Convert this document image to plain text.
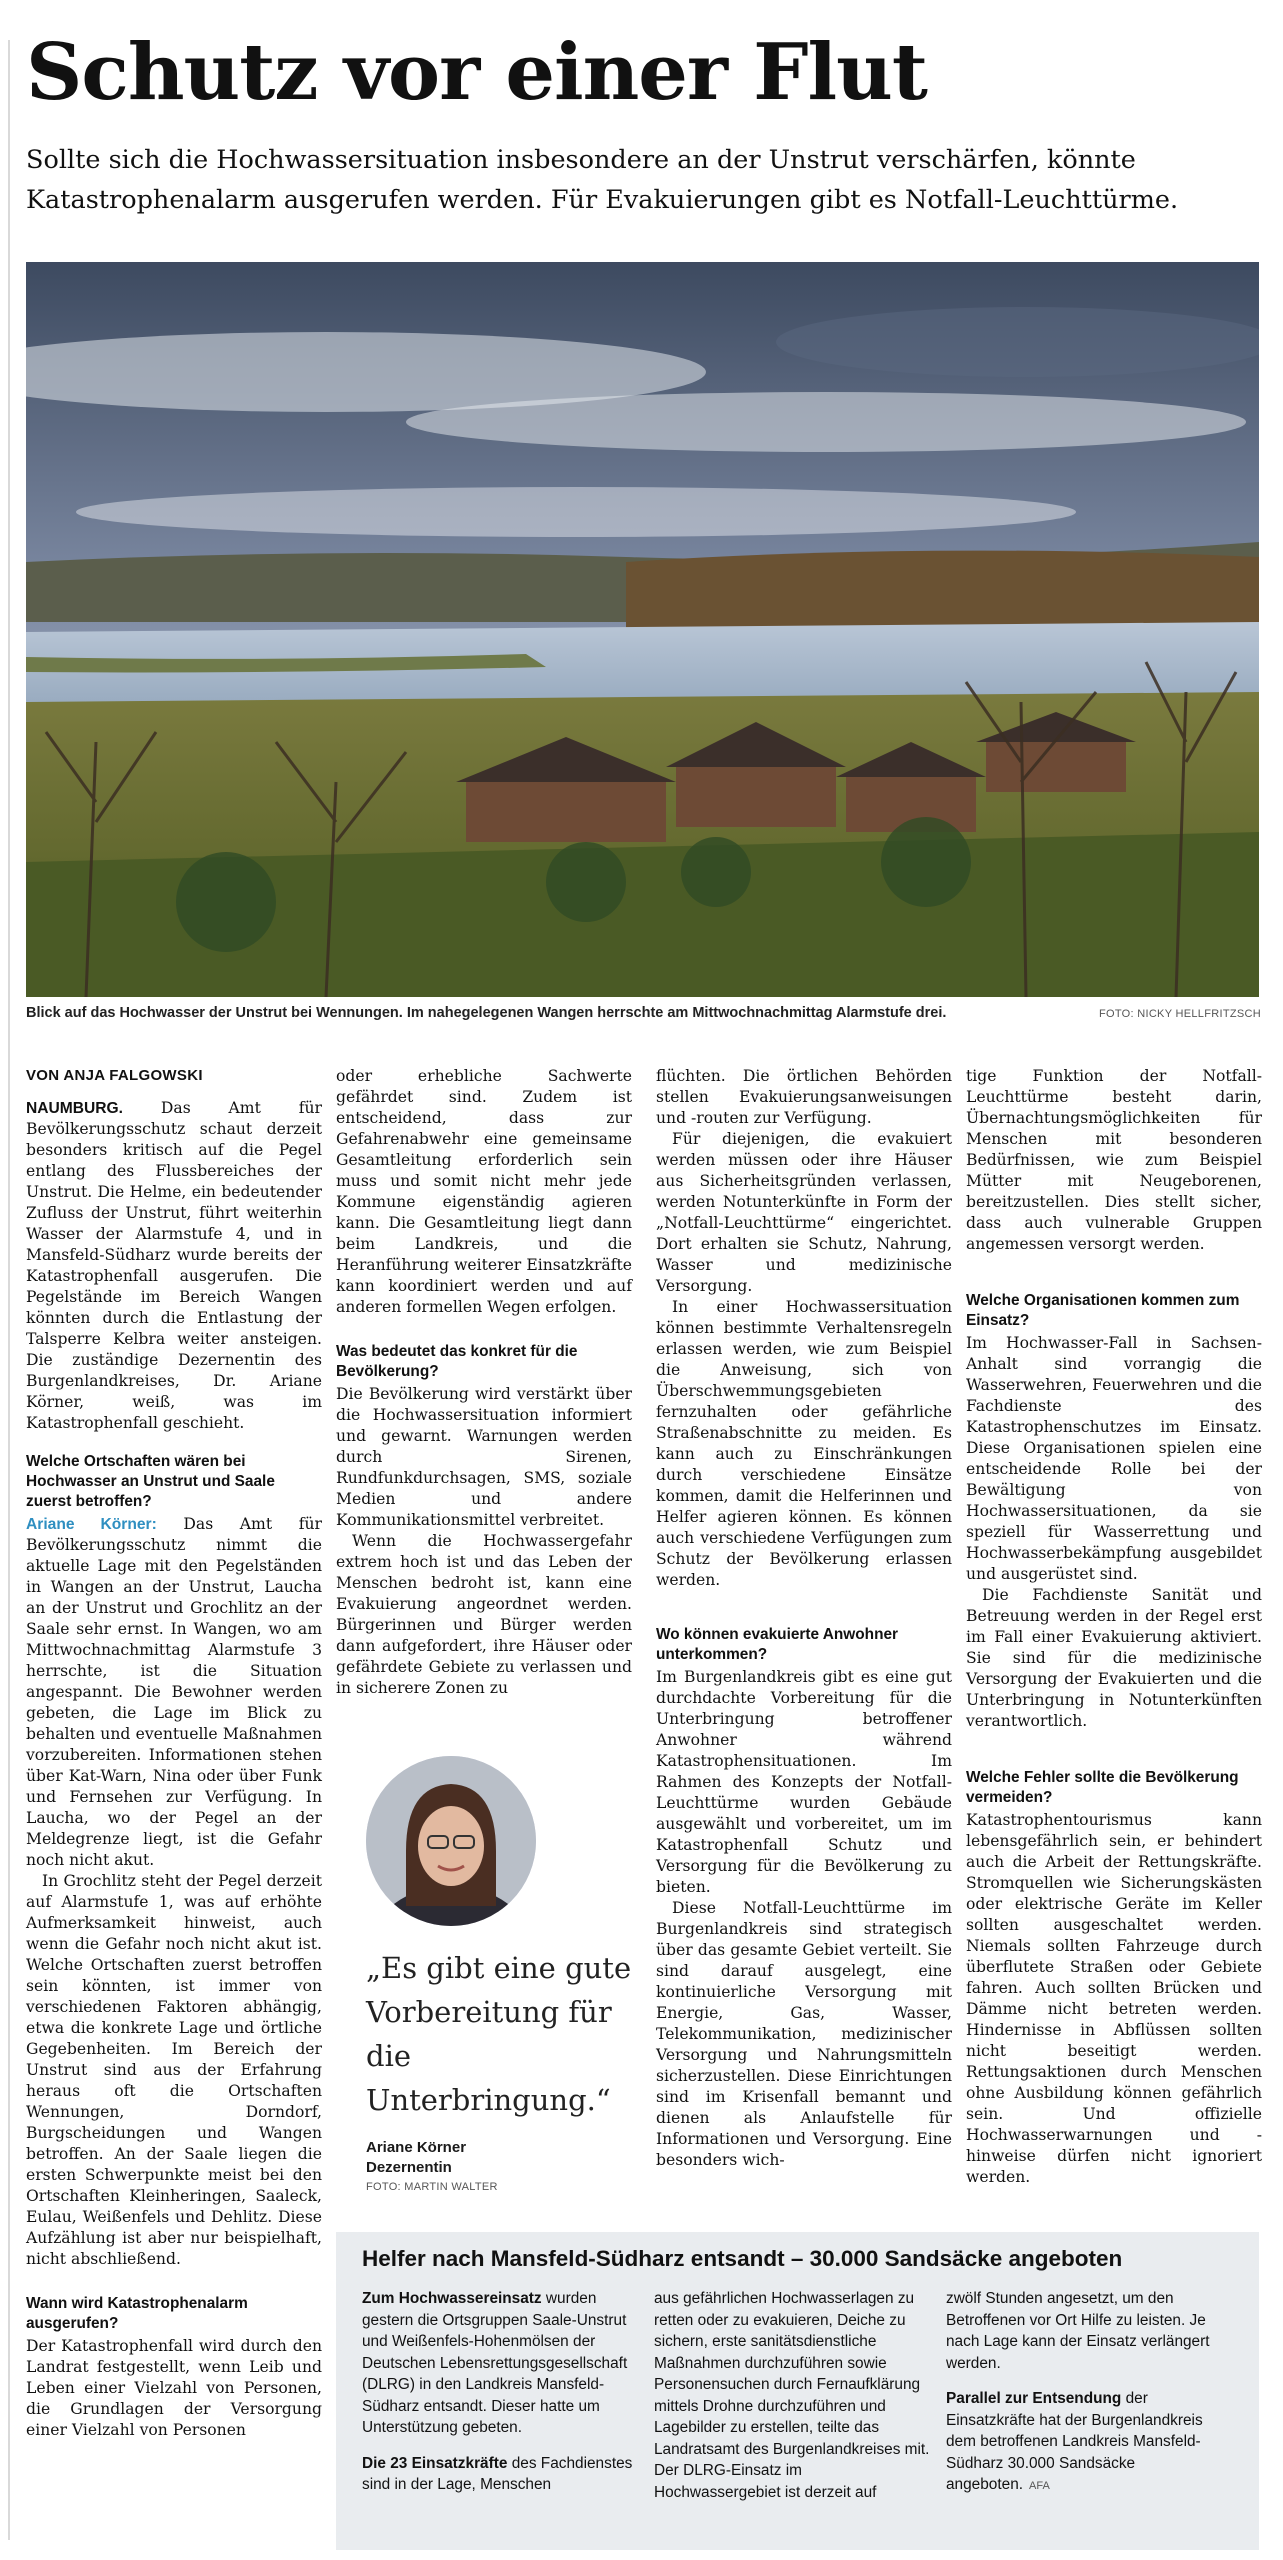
Schutz vor einer Flut

Sollte sich die Hochwassersituation insbesondere an der Unstrut verschärfen, könnte Katastrophenalarm ausgerufen werden. Für Evakuierungen gibt es Notfall-Leuchttürme.

Blick auf das Hochwasser der Unstrut bei Wennungen. Im nahegelegenen Wangen herrschte am Mittwochnachmittag Alarmstufe drei.	FOTO: NICKY HELLFRITZSCH
VON ANJA FALGOWSKI

NAUMBURG. Das Amt für Bevölkerungsschutz schaut derzeit besonders kritisch auf die Pegel entlang des Flussbereiches der Unstrut. Die Helme, ein bedeutender Zufluss der Unstrut, führt weiterhin Wasser der Alarmstufe 4, und in Mansfeld-Südharz wurde bereits der Katastrophenfall ausgerufen. Die Pegelstände im Bereich Wangen könnten durch die Entlastung der Talsperre Kelbra weiter ansteigen. Die zuständige Dezernentin des Burgenlandkreises, Dr. Ariane Körner, weiß, was im Katastrophenfall geschieht.

Welche Ortschaften wären bei Hochwasser an Unstrut und Saale zuerst betroffen?

Ariane Körner: Das Amt für Bevölkerungsschutz nimmt die aktuelle Lage mit den Pegelständen in Wangen an der Unstrut, Laucha an der Unstrut und Grochlitz an der Saale sehr ernst. In Wangen, wo am Mittwochnachmittag Alarmstufe 3 herrschte, ist die Situation angespannt. Die Bewohner werden gebeten, die Lage im Blick zu behalten und eventuelle Maßnahmen vorzubereiten. Informationen stehen über Kat-Warn, Nina oder über Funk und Fernsehen zur Verfügung. In Laucha, wo der Pegel an der Meldegrenze liegt, ist die Gefahr noch nicht akut.

In Grochlitz steht der Pegel derzeit auf Alarmstufe 1, was auf erhöhte Aufmerksamkeit hinweist, auch wenn die Gefahr noch nicht akut ist. Welche Ortschaften zuerst betroffen sein könnten, ist immer von verschiedenen Faktoren abhängig, etwa die konkrete Lage und örtliche Gegebenheiten. Im Bereich der Unstrut sind aus der Erfahrung heraus oft die Ortschaften Wennungen, Dorndorf, Burgscheidungen und Wangen betroffen. An der Saale liegen die ersten Schwerpunkte meist bei den Ortschaften Kleinheringen, Saaleck, Eulau, Weißenfels und Dehlitz. Diese Aufzählung ist aber nur beispielhaft, nicht abschließend.

Wann wird Katastrophenalarm ausgerufen?

Der Katastrophenfall wird durch den Landrat festgestellt, wenn Leib und Leben einer Vielzahl von Personen, die Grundlagen der Versorgung einer Vielzahl von Personen

oder erhebliche Sachwerte gefährdet sind. Zudem ist entscheidend, dass zur Gefahrenabwehr eine gemeinsame Gesamtleitung erforderlich sein muss und somit nicht mehr jede Kommune eigenständig agieren kann. Die Gesamtleitung liegt dann beim Landkreis, und die Heranführung weiterer Einsatzkräfte kann koordiniert werden und auf anderen formellen Wegen erfolgen.

Was bedeutet das konkret für die Bevölkerung?

Die Bevölkerung wird verstärkt über die Hochwassersituation informiert und gewarnt. Warnungen werden durch Sirenen, Rundfunkdurchsagen, SMS, soziale Medien und andere Kommunikationsmittel verbreitet.

Wenn die Hochwassergefahr extrem hoch ist und das Leben der Menschen bedroht ist, kann eine Evakuierung angeordnet werden. Bürgerinnen und Bürger werden dann aufgefordert, ihre Häuser oder gefährdete Gebiete zu verlassen und in sicherere Zonen zu

„Es gibt eine gute Vorbereitung für die Unterbringung.“
Ariane Körner
Dezernentin
FOTO: MARTIN WALTER

flüchten. Die örtlichen Behörden stellen Evakuierungsanweisungen und -routen zur Verfügung.

Für diejenigen, die evakuiert werden müssen oder ihre Häuser aus Sicherheitsgründen verlassen, werden Notunterkünfte in Form der „Notfall-Leuchttürme“ eingerichtet. Dort erhalten sie Schutz, Nahrung, Wasser und medizinische Versorgung.

In einer Hochwassersituation können bestimmte Verhaltensregeln erlassen werden, wie zum Beispiel die Anweisung, sich von Überschwemmungsgebieten fernzuhalten oder gefährliche Straßenabschnitte zu meiden. Es kann auch zu Einschränkungen durch verschiedene Einsätze kommen, damit die Helferinnen und Helfer agieren können. Es können auch verschiedene Verfügungen zum Schutz der Bevölkerung erlassen werden.

Wo können evakuierte Anwohner unterkommen?

Im Burgenlandkreis gibt es eine gut durchdachte Vorbereitung für die Unterbringung betroffener Anwohner während Katastrophensituationen. Im Rahmen des Konzepts der Notfall-Leuchttürme wurden Gebäude ausgewählt und vorbereitet, um im Katastrophenfall Schutz und Versorgung für die Bevölkerung zu bieten.

Diese Notfall-Leuchttürme im Burgenlandkreis sind strategisch über das gesamte Gebiet verteilt. Sie sind darauf ausgelegt, eine kontinuierliche Versorgung mit Energie, Gas, Wasser, Telekommunikation, medizinischer Versorgung und Nahrungsmitteln sicherzustellen. Diese Einrichtungen sind im Krisenfall bemannt und dienen als Anlaufstelle für Informationen und Versorgung. Eine besonders wich-

tige Funktion der Notfall-Leuchttürme besteht darin, Übernachtungsmöglichkeiten für Menschen mit besonderen Bedürfnissen, wie zum Beispiel Mütter mit Neugeborenen, bereitzustellen. Dies stellt sicher, dass auch vulnerable Gruppen angemessen versorgt werden.

Welche Organisationen kommen zum Einsatz?

Im Hochwasser-Fall in Sachsen-Anhalt sind vorrangig die Wasserwehren, Feuerwehren und die Fachdienste des Katastrophenschutzes im Einsatz. Diese Organisationen spielen eine entscheidende Rolle bei der Bewältigung von Hochwassersituationen, da sie speziell für Wasserrettung und Hochwasserbekämpfung ausgebildet und ausgerüstet sind.

Die Fachdienste Sanität und Betreuung werden in der Regel erst im Fall einer Evakuierung aktiviert. Sie sind für die medizinische Versorgung der Evakuierten und die Unterbringung in Notunterkünften verantwortlich.

Welche Fehler sollte die Bevölkerung vermeiden?

Katastrophentourismus kann lebensgefährlich sein, er behindert auch die Arbeit der Rettungskräfte. Stromquellen wie Sicherungskästen oder elektrische Geräte im Keller sollten ausgeschaltet werden. Niemals sollten Fahrzeuge durch überflutete Straßen oder Gebiete fahren. Auch sollten Brücken und Dämme nicht betreten werden. Hindernisse in Abflüssen sollten nicht beseitigt werden. Rettungsaktionen durch Menschen ohne Ausbildung können gefährlich sein. Und offizielle Hochwasserwarnungen und -hinweise dürfen nicht ignoriert werden.

Helfer nach Mansfeld-Südharz entsandt – 30.000 Sandsäcke angeboten

Zum Hochwassereinsatz wurden gestern die Ortsgruppen Saale-Unstrut und Weißenfels-Hohenmölsen der Deutschen Lebensrettungsgesellschaft (DLRG) in den Landkreis Mansfeld-Südharz entsandt. Dieser hatte um Unterstützung gebeten.

Die 23 Einsatzkräfte des Fachdienstes sind in der Lage, Menschen

aus gefährlichen Hochwasserlagen zu retten oder zu evakuieren, Deiche zu sichern, erste sanitätsdienstliche Maßnahmen durchzuführen sowie Personensuchen durch Fernaufklärung mittels Drohne durchzuführen und Lagebilder zu erstellen, teilte das Landratsamt des Burgenlandkreises mit. Der DLRG-Einsatz im Hochwassergebiet ist derzeit auf

zwölf Stunden angesetzt, um den Betroffenen vor Ort Hilfe zu leisten. Je nach Lage kann der Einsatz verlängert werden.

Parallel zur Entsendung der Einsatzkräfte hat der Burgenlandkreis dem betroffenen Landkreis Mansfeld-Südharz 30.000 Sandsäcke angeboten. AFA
